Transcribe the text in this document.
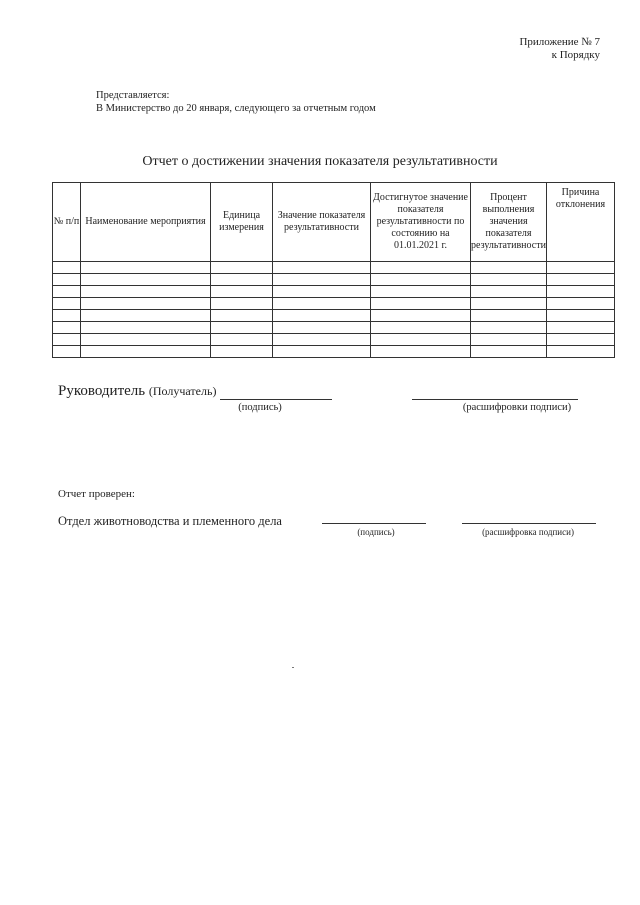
Приложение № 7
к Порядку
Представляется:
В Министерство до 20 января, следующего за отчетным годом
Отчет о достижении значения показателя результативности
№ п/п	Наименование мероприятия	Единица измерения	Значение показателя результативности	Достигнутое значение показателя результативности по состоянию на 01.01.2021 г.	Процент выполнения значения показателя результативности	Причина отклонения

Руководитель (Получатель)
(подпись)	(расшифровки подписи)
Отчет проверен:
Отдел животноводства и племенного дела
(подпись)	(расшифровка подписи)
